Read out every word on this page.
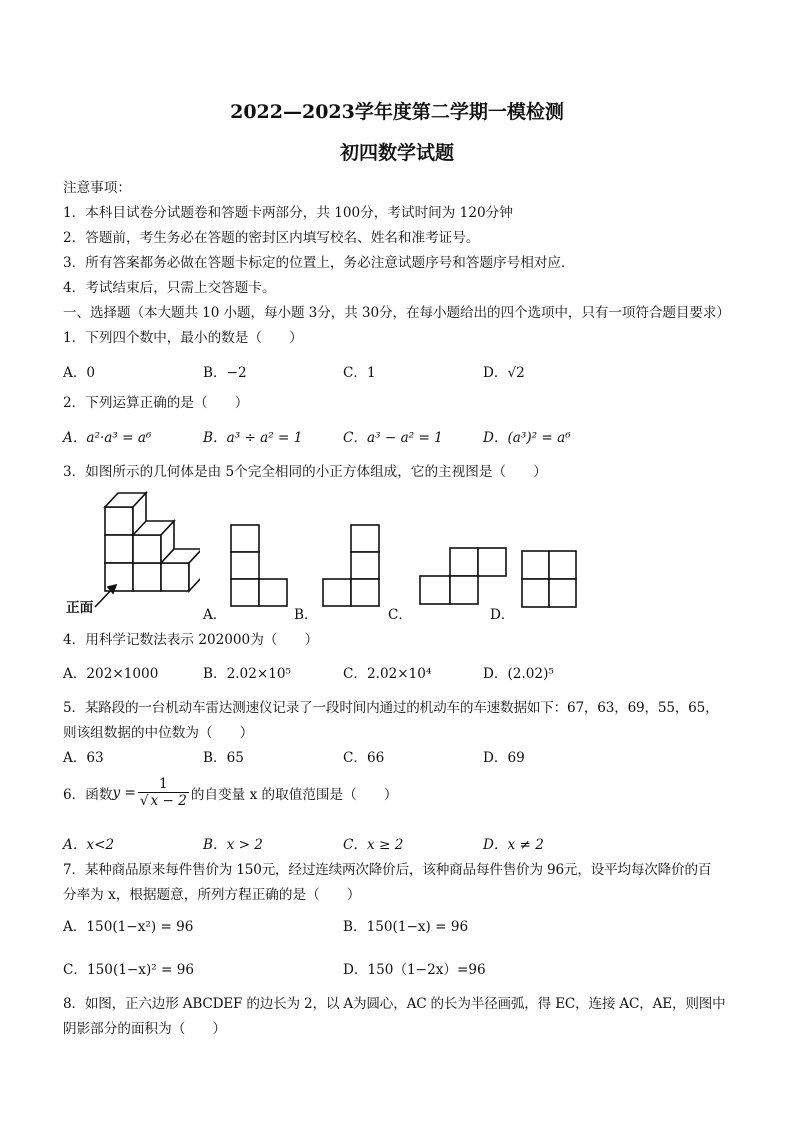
2022—2023学年度第二学期一模检测
初四数学试题
注意事项：
1．本科目试卷分试题卷和答题卡两部分，共 100分，考试时间为 120分钟
2．答题前，考生务必在答题的密封区内填写校名、姓名和准考证号。
3．所有答案都务必做在答题卡标定的位置上，务必注意试题序号和答题序号相对应．
4．考试结束后，只需上交答题卡。
一、选择题（本大题共 10 小题，每小题 3分，共 30分，在每小题给出的四个选项中，只有一项符合题目要求）
1．下列四个数中，最小的数是（　　）
A．0	B．−2	C．1	D．√2
2．下列运算正确的是（　　）
A．a²·a³ = a⁶	B．a³ ÷ a² = 1	C．a³ − a² = 1	D．(a³)² = a⁶
3．如图所示的几何体是由 5个完全相同的小正方体组成，它的主视图是（　　）
正面	A．	B．	C．	D．
4．用科学记数法表示 202000为（　　）
A．202×1000	B．2.02×10⁵	C．2.02×10⁴	D．(2.02)⁵
5．某路段的一台机动车雷达测速仪记录了一段时间内通过的机动车的车速数据如下：67，63，69，55，65，
则该组数据的中位数为（　　）
A．63	B．65	C．66	D．69
6．函数 $y = \frac{1}{√ x - 2}$ 的自变量 x 的取值范围是（　　）
A．x<2	B．x > 2	C．x ≥ 2	D．x ≠ 2
7．某种商品原来每件售价为 150元，经过连续两次降价后，该种商品每件售价为 96元，设平均每次降价的百
分率为 x，根据题意，所列方程正确的是（　　）
A．150(1−x²) = 96	B．150(1−x) = 96
C．150(1−x)² = 96	D．150（1−2x）=96
8．如图，正六边形 ABCDEF 的边长为 2，以 A为圆心，AC 的长为半径画弧，得 EC，连接 AC，AE，则图中
阴影部分的面积为（　　）
